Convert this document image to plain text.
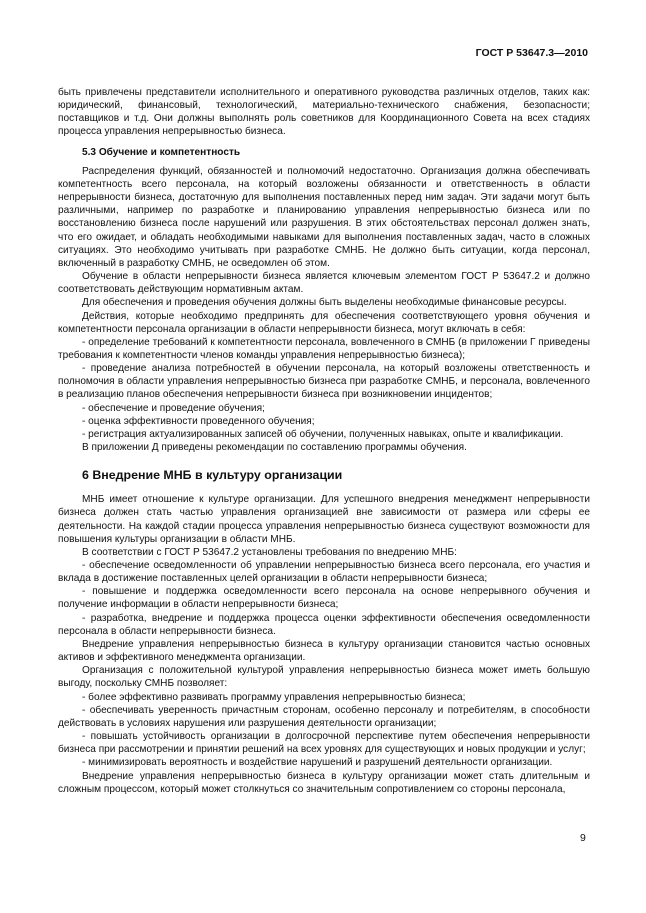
ГОСТ Р 53647.3—2010

быть привлечены представители исполнительного и оперативного руководства различных отделов, таких как: юридический, финансовый, технологический, материально-технического снабжения, безопасности; поставщиков и т.д. Они должны выполнять роль советников для Координационного Совета на всех стадиях процесса управления непрерывностью бизнеса.

5.3 Обучение и компетентность

Распределения функций, обязанностей и полномочий недостаточно. Организация должна обеспечивать компетентность всего персонала, на который возложены обязанности и ответственность в области непрерывности бизнеса, достаточную для выполнения поставленных перед ним задач. Эти задачи могут быть различными, например по разработке и планированию управления непрерывностью бизнеса или по восстановлению бизнеса после нарушений или разрушения. В этих обстоятельствах персонал должен знать, что его ожидает, и обладать необходимыми навыками для выполнения поставленных задач, часто в сложных ситуациях. Это необходимо учитывать при разработке СМНБ. Не должно быть ситуации, когда персонал, включенный в разработку СМНБ, не осведомлен об этом.

Обучение в области непрерывности бизнеса является ключевым элементом ГОСТ Р 53647.2 и должно соответствовать действующим нормативным актам.

Для обеспечения и проведения обучения должны быть выделены необходимые финансовые ресурсы.

Действия, которые необходимо предпринять для обеспечения соответствующего уровня обучения и компетентности персонала организации в области непрерывности бизнеса, могут включать в себя:

- определение требований к компетентности персонала, вовлеченного в СМНБ (в приложении Г приведены требования к компетентности членов команды управления непрерывностью бизнеса);

- проведение анализа потребностей в обучении персонала, на который возложены ответственность и полномочия в области управления непрерывностью бизнеса при разработке СМНБ, и персонала, вовлеченного в реализацию планов обеспечения непрерывности бизнеса при возникновении инцидентов;

- обеспечение и проведение обучения;

- оценка эффективности проведенного обучения;

- регистрация актуализированных записей об обучении, полученных навыках, опыте и квалификации.

В приложении Д приведены рекомендации по составлению программы обучения.

6 Внедрение МНБ в культуру организации

МНБ имеет отношение к культуре организации. Для успешного внедрения менеджмент непрерывности бизнеса должен стать частью управления организацией вне зависимости от размера или сферы ее деятельности. На каждой стадии процесса управления непрерывностью бизнеса существуют возможности для повышения культуры организации в области МНБ.

В соответствии с ГОСТ Р 53647.2 установлены требования по внедрению МНБ:

- обеспечение осведомленности об управлении непрерывностью бизнеса всего персонала, его участия и вклада в достижение поставленных целей организации в области непрерывности бизнеса;

- повышение и поддержка осведомленности всего персонала на основе непрерывного обучения и получение информации в области непрерывности бизнеса;

- разработка, внедрение и поддержка процесса оценки эффективности обеспечения осведомленности персонала в области непрерывности бизнеса.

Внедрение управления непрерывностью бизнеса в культуру организации становится частью основных активов и эффективного менеджмента организации.

Организация с положительной культурой управления непрерывностью бизнеса может иметь большую выгоду, поскольку СМНБ позволяет:

- более эффективно развивать программу управления непрерывностью бизнеса;

- обеспечивать уверенность причастным сторонам, особенно персоналу и потребителям, в способности действовать в условиях нарушения или разрушения деятельности организации;

- повышать устойчивость организации в долгосрочной перспективе путем обеспечения непрерывности бизнеса при рассмотрении и принятии решений на всех уровнях для существующих и новых продукции и услуг;

- минимизировать вероятность и воздействие нарушений и разрушений деятельности организации.

Внедрение управления непрерывностью бизнеса в культуру организации может стать длительным и сложным процессом, который может столкнуться со значительным сопротивлением со стороны персонала,

9
